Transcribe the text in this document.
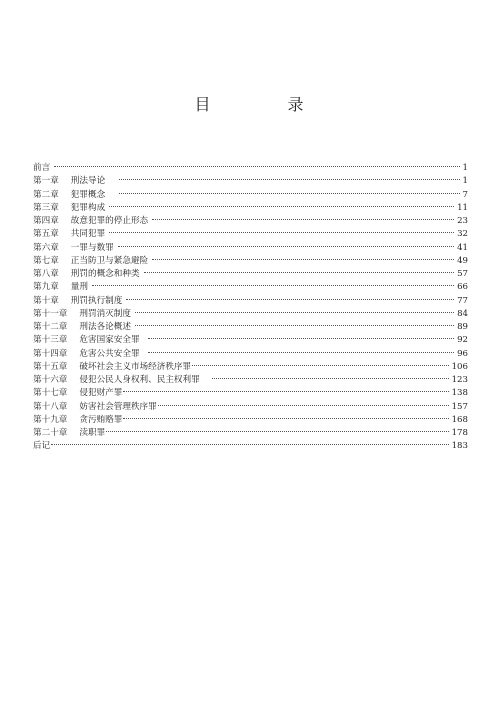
目 录
前言	1
第一章 刑法导论	1
第二章 犯罪概念	7
第三章 犯罪构成	11
第四章 故意犯罪的停止形态	23
第五章 共同犯罪	32
第六章 一罪与数罪	41
第七章 正当防卫与紧急避险	49
第八章 刑罚的概念和种类	57
第九章 量刑	66
第十章 刑罚执行制度	77
第十一章 刑罚消灭制度	84
第十二章 刑法各论概述	89
第十三章 危害国家安全罪	92
第十四章 危害公共安全罪	96
第十五章 破坏社会主义市场经济秩序罪	106
第十六章 侵犯公民人身权利、民主权利罪	123
第十七章 侵犯财产罪	138
第十八章 妨害社会管理秩序罪	157
第十九章 贪污贿赂罪	168
第二十章 渎职罪	178
后记	183
